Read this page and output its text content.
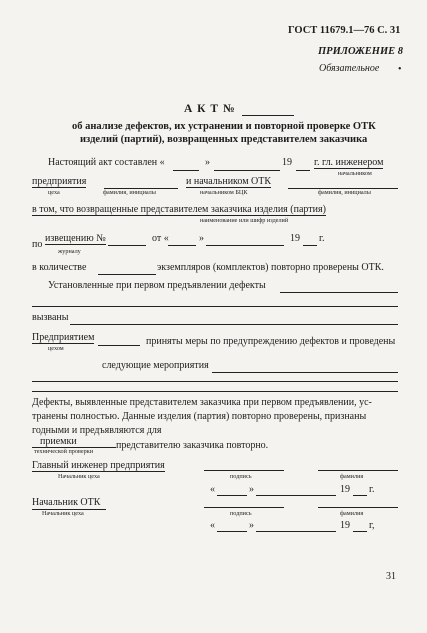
ГОСТ 11679.1—76 С. 31
ПРИЛОЖЕНИЕ 8
Обязательное •
А К Т №
об анализе дефектов, их устранении и повторной проверке ОТК
изделий (партий), возвращенных представителем заказчика
Настоящий акт составлен «	»	19 г. гл. инженером
начальником
предприятия	и начальником ОТК
цеха	фамилия, инициалы	начальником БЦК	фамилия, инициалы
в том, что возвращенные представителем заказчика изделия (партия)
наименование или шифр изделий
по
извещению №
журналу
от «	»	19 г.
в количестве	экземпляров (комплектов) повторно проверены ОТК.
Установленные при первом предъявлении дефекты
вызваны
Предприятием
цехом
приняты меры по предупреждению дефектов и проведены
следующие мероприятия
Дефекты, выявленные представителем заказчика при первом предъявлении, ус-
транены полностью. Данные изделия (партия) повторно проверены, признаны
годными и предъявляются для
приемки
технической проверки
представителю заказчика повторно.
Главный инженер предприятия
Начальник цеха	подпись	фамилия
«	»	19 г.
Начальник ОТК
Начальник цеха	подпись	фамилия
«	»	19 г,
31
